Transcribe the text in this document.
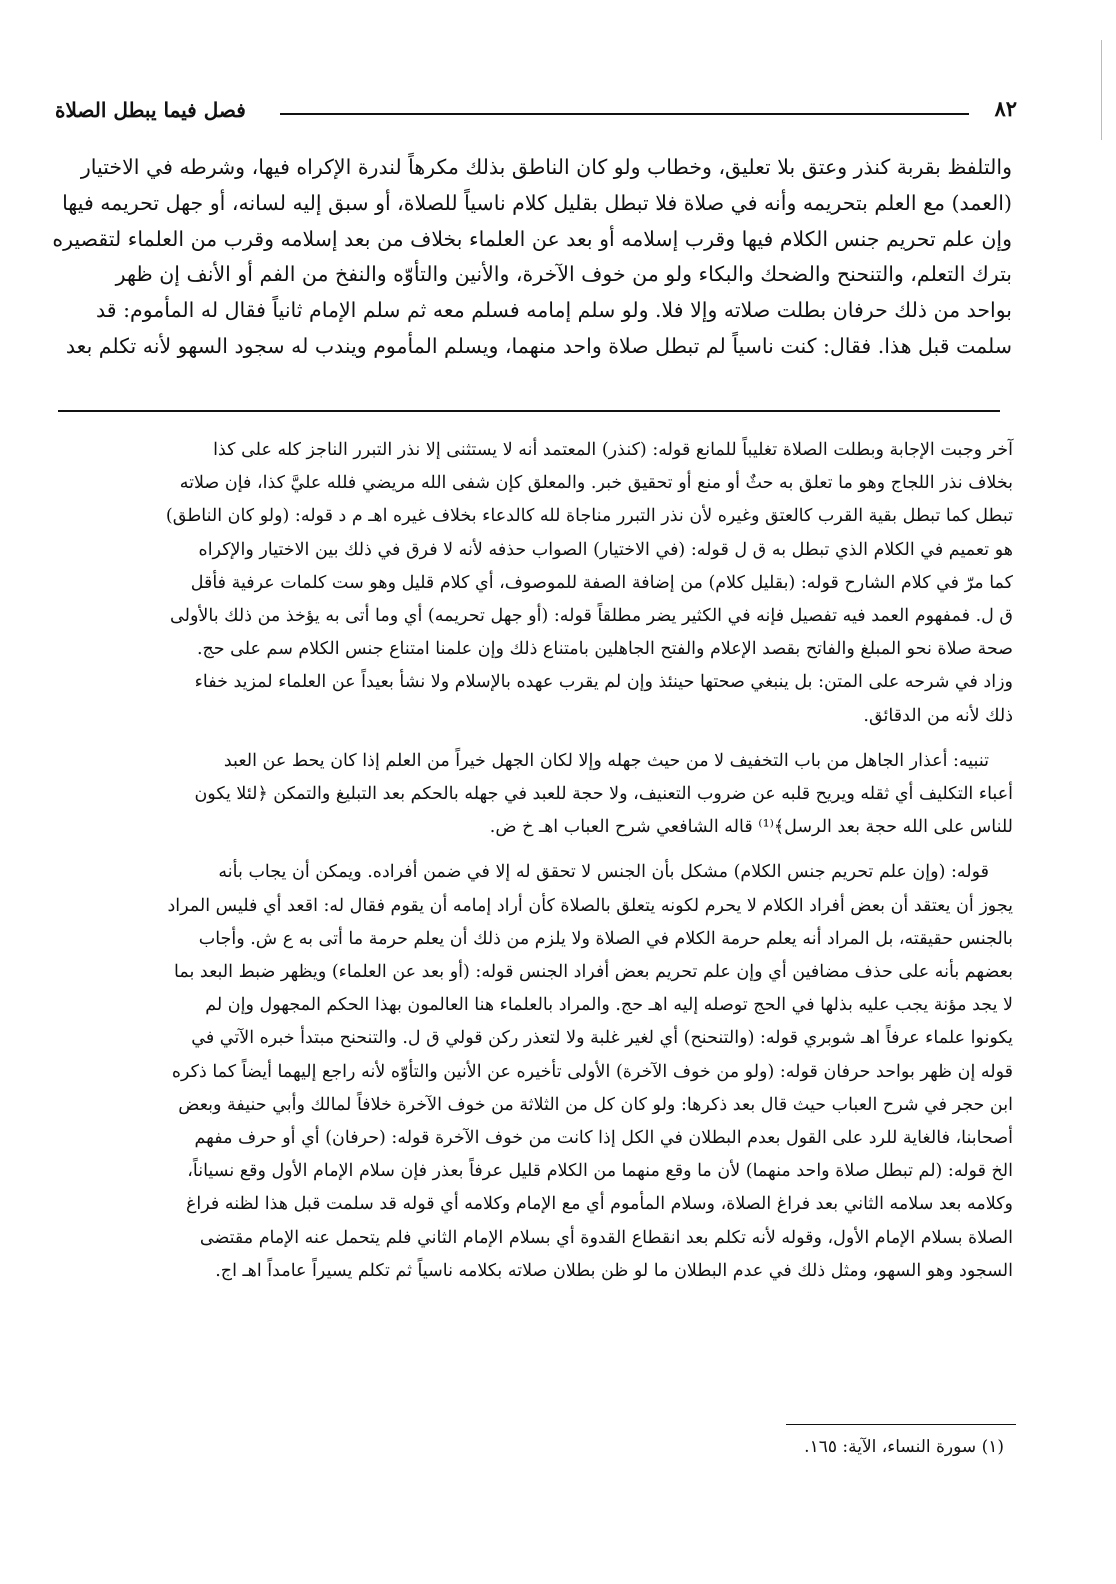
٨٢
فصل فيما يبطل الصلاة

والتلفظ بقربة كنذر وعتق بلا تعليق، وخطاب ولو كان الناطق بذلك مكرهاً لندرة الإكراه فيها، وشرطه في الاختيار

(العمد) مع العلم بتحريمه وأنه في صلاة فلا تبطل بقليل كلام ناسياً للصلاة، أو سبق إليه لسانه، أو جهل تحريمه فيها

وإن علم تحريم جنس الكلام فيها وقرب إسلامه أو بعد عن العلماء بخلاف من بعد إسلامه وقرب من العلماء لتقصيره

بترك التعلم، والتنحنح والضحك والبكاء ولو من خوف الآخرة، والأنين والتأوّه والنفخ من الفم أو الأنف إن ظهر

بواحد من ذلك حرفان بطلت صلاته وإلا فلا. ولو سلم إمامه فسلم معه ثم سلم الإمام ثانياً فقال له المأموم: قد

سلمت قبل هذا. فقال: كنت ناسياً لم تبطل صلاة واحد منهما، ويسلم المأموم ويندب له سجود السهو لأنه تكلم بعد

آخر وجبت الإجابة وبطلت الصلاة تغليباً للمانع قوله: (كنذر) المعتمد أنه لا يستثنى إلا نذر التبرر الناجز كله على كذا

بخلاف نذر اللجاج وهو ما تعلق به حثٌ أو منع أو تحقيق خبر. والمعلق كإن شفى الله مريضي فلله عليَّ كذا، فإن صلاته

تبطل كما تبطل بقية القرب كالعتق وغيره لأن نذر التبرر مناجاة لله كالدعاء بخلاف غيره اهـ م د قوله: (ولو كان الناطق)

هو تعميم في الكلام الذي تبطل به ق ل قوله: (في الاختيار) الصواب حذفه لأنه لا فرق في ذلك بين الاختيار والإكراه

كما مرّ في كلام الشارح قوله: (بقليل كلام) من إضافة الصفة للموصوف، أي كلام قليل وهو ست كلمات عرفية فأقل

ق ل. فمفهوم العمد فيه تفصيل فإنه في الكثير يضر مطلقاً قوله: (أو جهل تحريمه) أي وما أتى به يؤخذ من ذلك بالأولى

صحة صلاة نحو المبلغ والفاتح بقصد الإعلام والفتح الجاهلين بامتناع ذلك وإن علمنا امتناع جنس الكلام سم على حج.

وزاد في شرحه على المتن: بل ينبغي صحتها حينئذ وإن لم يقرب عهده بالإسلام ولا نشأ بعيداً عن العلماء لمزيد خفاء

ذلك لأنه من الدقائق.

تنبيه: أعذار الجاهل من باب التخفيف لا من حيث جهله وإلا لكان الجهل خيراً من العلم إذا كان يحط عن العبد

أعباء التكليف أي ثقله ويريح قلبه عن ضروب التعنيف، ولا حجة للعبد في جهله بالحكم بعد التبليغ والتمكن ﴿لئلا يكون

للناس على الله حجة بعد الرسل﴾⁽¹⁾ قاله الشافعي شرح العباب اهـ خ ض.

قوله: (وإن علم تحريم جنس الكلام) مشكل بأن الجنس لا تحقق له إلا في ضمن أفراده. ويمكن أن يجاب بأنه

يجوز أن يعتقد أن بعض أفراد الكلام لا يحرم لكونه يتعلق بالصلاة كأن أراد إمامه أن يقوم فقال له: اقعد أي فليس المراد

بالجنس حقيقته، بل المراد أنه يعلم حرمة الكلام في الصلاة ولا يلزم من ذلك أن يعلم حرمة ما أتى به ع ش. وأجاب

بعضهم بأنه على حذف مضافين أي وإن علم تحريم بعض أفراد الجنس قوله: (أو بعد عن العلماء) ويظهر ضبط البعد بما

لا يجد مؤنة يجب عليه بذلها في الحج توصله إليه اهـ حج. والمراد بالعلماء هنا العالمون بهذا الحكم المجهول وإن لم

يكونوا علماء عرفاً اهـ شوبري قوله: (والتنحنح) أي لغير غلبة ولا لتعذر ركن قولي ق ل. والتنحنح مبتدأ خبره الآتي في

قوله إن ظهر بواحد حرفان قوله: (ولو من خوف الآخرة) الأولى تأخيره عن الأنين والتأوّه لأنه راجع إليهما أيضاً كما ذكره

ابن حجر في شرح العباب حيث قال بعد ذكرها: ولو كان كل من الثلاثة من خوف الآخرة خلافاً لمالك وأبي حنيفة وبعض

أصحابنا، فالغاية للرد على القول بعدم البطلان في الكل إذا كانت من خوف الآخرة قوله: (حرفان) أي أو حرف مفهم

الخ قوله: (لم تبطل صلاة واحد منهما) لأن ما وقع منهما من الكلام قليل عرفاً بعذر فإن سلام الإمام الأول وقع نسياناً،

وكلامه بعد سلامه الثاني بعد فراغ الصلاة، وسلام المأموم أي مع الإمام وكلامه أي قوله قد سلمت قبل هذا لظنه فراغ

الصلاة بسلام الإمام الأول، وقوله لأنه تكلم بعد انقطاع القدوة أي بسلام الإمام الثاني فلم يتحمل عنه الإمام مقتضى

السجود وهو السهو، ومثل ذلك في عدم البطلان ما لو ظن بطلان صلاته بكلامه ناسياً ثم تكلم يسيراً عامداً اهـ اج.

(١) سورة النساء، الآية: ١٦٥.
